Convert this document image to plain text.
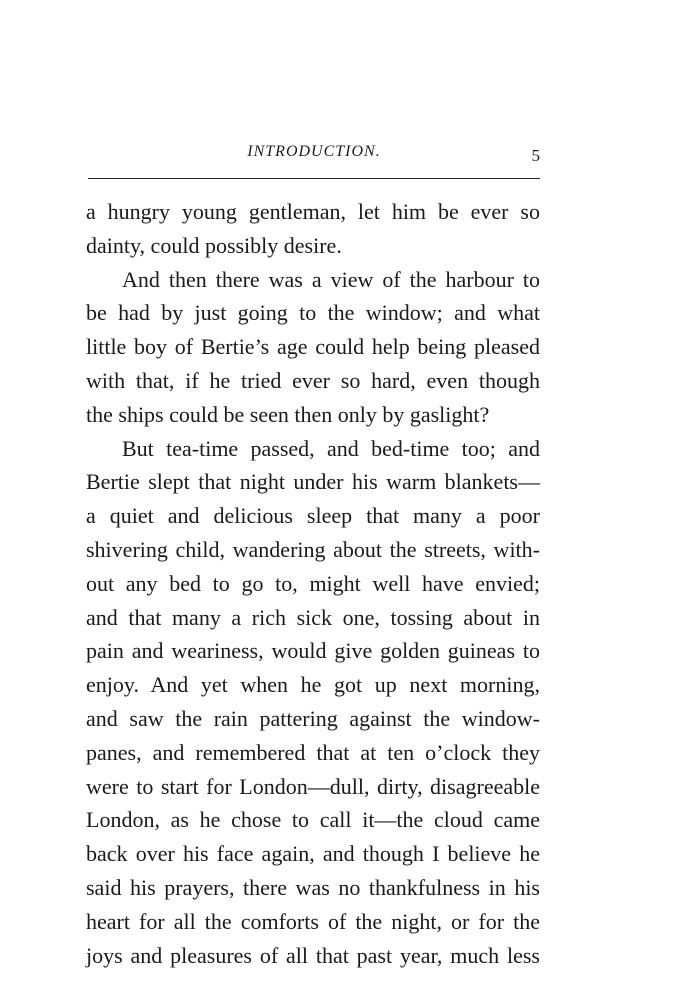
INTRODUCTION.	5
a hungry young gentleman, let him be ever so
dainty, could possibly desire.
And then there was a view of the harbour to
be had by just going to the window; and what
little boy of Bertie’s age could help being pleased
with that, if he tried ever so hard, even though
the ships could be seen then only by gaslight?
But tea-time passed, and bed-time too; and
Bertie slept that night under his warm blankets—
a quiet and delicious sleep that many a poor
shivering child, wandering about the streets, with-
out any bed to go to, might well have envied;
and that many a rich sick one, tossing about in
pain and weariness, would give golden guineas to
enjoy. And yet when he got up next morning,
and saw the rain pattering against the window-
panes, and remembered that at ten o’clock they
were to start for London—dull, dirty, disagreeable
London, as he chose to call it—the cloud came
back over his face again, and though I believe he
said his prayers, there was no thankfulness in his
heart for all the comforts of the night, or for the
joys and pleasures of all that past year, much less
